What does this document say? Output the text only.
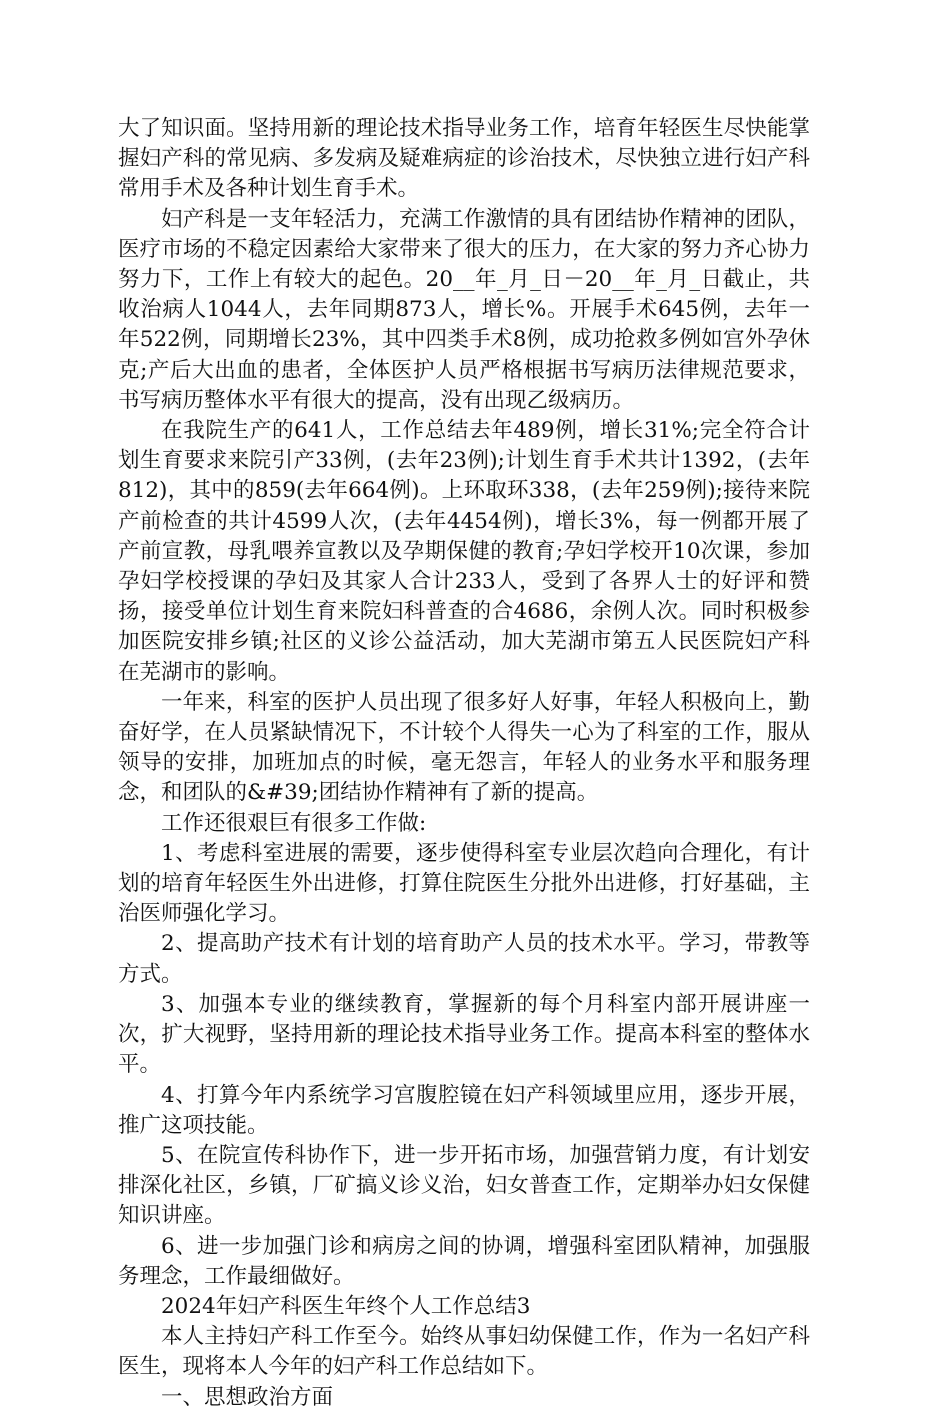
大了知识面。坚持用新的理论技术指导业务工作，培育年轻医生尽快能掌握妇产科的常见病、多发病及疑难病症的诊治技术，尽快独立进行妇产科常用手术及各种计划生育手术。

妇产科是一支年轻活力，充满工作激情的具有团结协作精神的团队，医疗市场的不稳定因素给大家带来了很大的压力，在大家的努力齐心协力努力下，工作上有较大的起色。20__年_月_日－20__年_月_日截止，共收治病人1044人，去年同期873人，增长%。开展手术645例，去年一年522例，同期增长23%，其中四类手术8例，成功抢救多例如宫外孕休克;产后大出血的患者，全体医护人员严格根据书写病历法律规范要求，书写病历整体水平有很大的提高，没有出现乙级病历。

在我院生产的641人，工作总结去年489例，增长31%;完全符合计划生育要求来院引产33例，(去年23例);计划生育手术共计1392，(去年812)，其中的859(去年664例)。上环取环338，(去年259例);接待来院产前检查的共计4599人次，(去年4454例)，增长3%，每一例都开展了产前宣教，母乳喂养宣教以及孕期保健的教育;孕妇学校开10次课，参加孕妇学校授课的孕妇及其家人合计233人，受到了各界人士的好评和赞扬，接受单位计划生育来院妇科普查的合4686，余例人次。同时积极参加医院安排乡镇;社区的义诊公益活动，加大芜湖市第五人民医院妇产科在芜湖市的影响。

一年来，科室的医护人员出现了很多好人好事，年轻人积极向上，勤奋好学，在人员紧缺情况下，不计较个人得失一心为了科室的工作，服从领导的安排，加班加点的时候，毫无怨言，年轻人的业务水平和服务理念，和团队的&#39;团结协作精神有了新的提高。

工作还很艰巨有很多工作做:

1、考虑科室进展的需要，逐步使得科室专业层次趋向合理化，有计划的培育年轻医生外出进修，打算住院医生分批外出进修，打好基础，主治医师强化学习。

2、提高助产技术有计划的培育助产人员的技术水平。学习，带教等方式。

3、加强本专业的继续教育，掌握新的每个月科室内部开展讲座一次，扩大视野，坚持用新的理论技术指导业务工作。提高本科室的整体水平。

4、打算今年内系统学习宫腹腔镜在妇产科领域里应用，逐步开展，推广这项技能。

5、在院宣传科协作下，进一步开拓市场，加强营销力度，有计划安排深化社区，乡镇，厂矿搞义诊义治，妇女普查工作，定期举办妇女保健知识讲座。

6、进一步加强门诊和病房之间的协调，增强科室团队精神，加强服务理念，工作最细做好。

2024年妇产科医生年终个人工作总结3

本人主持妇产科工作至今。始终从事妇幼保健工作，作为一名妇产科医生，现将本人今年的妇产科工作总结如下。

一、思想政治方面
